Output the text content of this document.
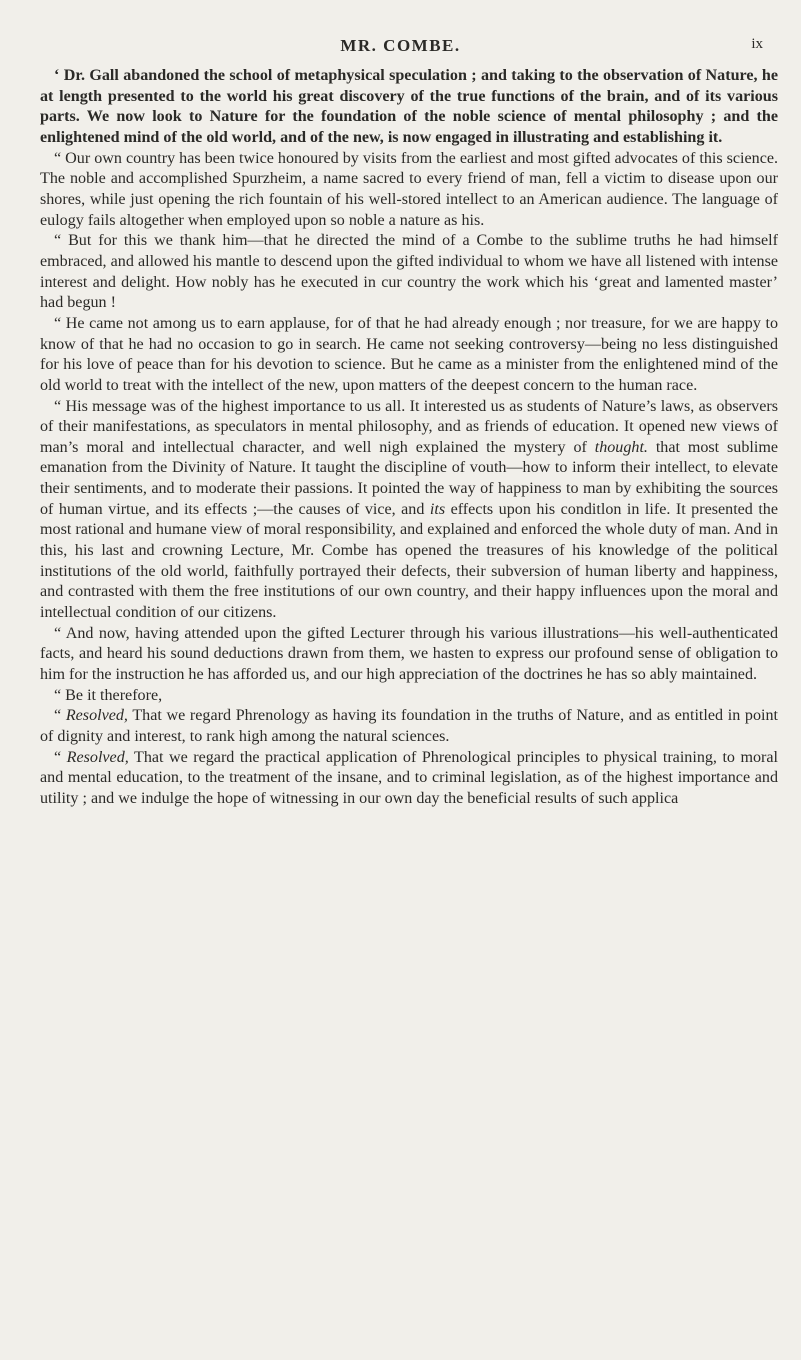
MR. COMBE.	ix

‘ Dr. Gall abandoned the school of metaphysical speculation ; and taking to the observation of Nature, he at length presented to the world his great discovery of the true functions of the brain, and of its various parts. We now look to Nature for the foundation of the noble science of mental philosophy ; and the enlightened mind of the old world, and of the new, is now engaged in illustrating and establishing it.

“ Our own country has been twice honoured by visits from the earliest and most gifted advocates of this science. The noble and accomplished Spurzheim, a name sacred to every friend of man, fell a victim to disease upon our shores, while just opening the rich fountain of his well-stored intellect to an American audience. The language of eulogy fails altogether when employed upon so noble a nature as his.

“ But for this we thank him—that he directed the mind of a Combe to the sublime truths he had himself embraced, and allowed his mantle to descend upon the gifted individual to whom we have all listened with intense interest and delight. How nobly has he executed in cur country the work which his ‘great and lamented master’ had begun !

“ He came not among us to earn applause, for of that he had already enough ; nor treasure, for we are happy to know of that he had no occasion to go in search. He came not seeking controversy—being no less distinguished for his love of peace than for his devotion to science. But he came as a minister from the enlightened mind of the old world to treat with the intellect of the new, upon matters of the deepest concern to the human race.

“ His message was of the highest importance to us all. It interested us as students of Nature’s laws, as observers of their manifestations, as speculators in mental philosophy, and as friends of education. It opened new views of man’s moral and intellectual character, and well nigh explained the mystery of thought. that most sublime emanation from the Divinity of Nature. It taught the discipline of vouth—how to inform their intellect, to elevate their sentiments, and to moderate their passions. It pointed the way of happiness to man by exhibiting the sources of human virtue, and its effects ;—the causes of vice, and its effects upon his conditlon in life. It presented the most rational and humane view of moral responsibility, and explained and enforced the whole duty of man. And in this, his last and crowning Lecture, Mr. Combe has opened the treasures of his knowledge of the political institutions of the old world, faithfully portrayed their defects, their subversion of human liberty and happiness, and contrasted with them the free institutions of our own country, and their happy influences upon the moral and intellectual condition of our citizens.

“ And now, having attended upon the gifted Lecturer through his various illustrations—his well-authenticated facts, and heard his sound deductions drawn from them, we hasten to express our profound sense of obligation to him for the instruction he has afforded us, and our high appreciation of the doctrines he has so ably maintained.

“ Be it therefore,

“ Resolved, That we regard Phrenology as having its foundation in the truths of Nature, and as entitled in point of dignity and interest, to rank high among the natural sciences.

“ Resolved, That we regard the practical application of Phrenological principles to physical training, to moral and mental education, to the treatment of the insane, and to criminal legislation, as of the highest importance and utility ; and we indulge the hope of witnessing in our own day the beneficial results of such applica
